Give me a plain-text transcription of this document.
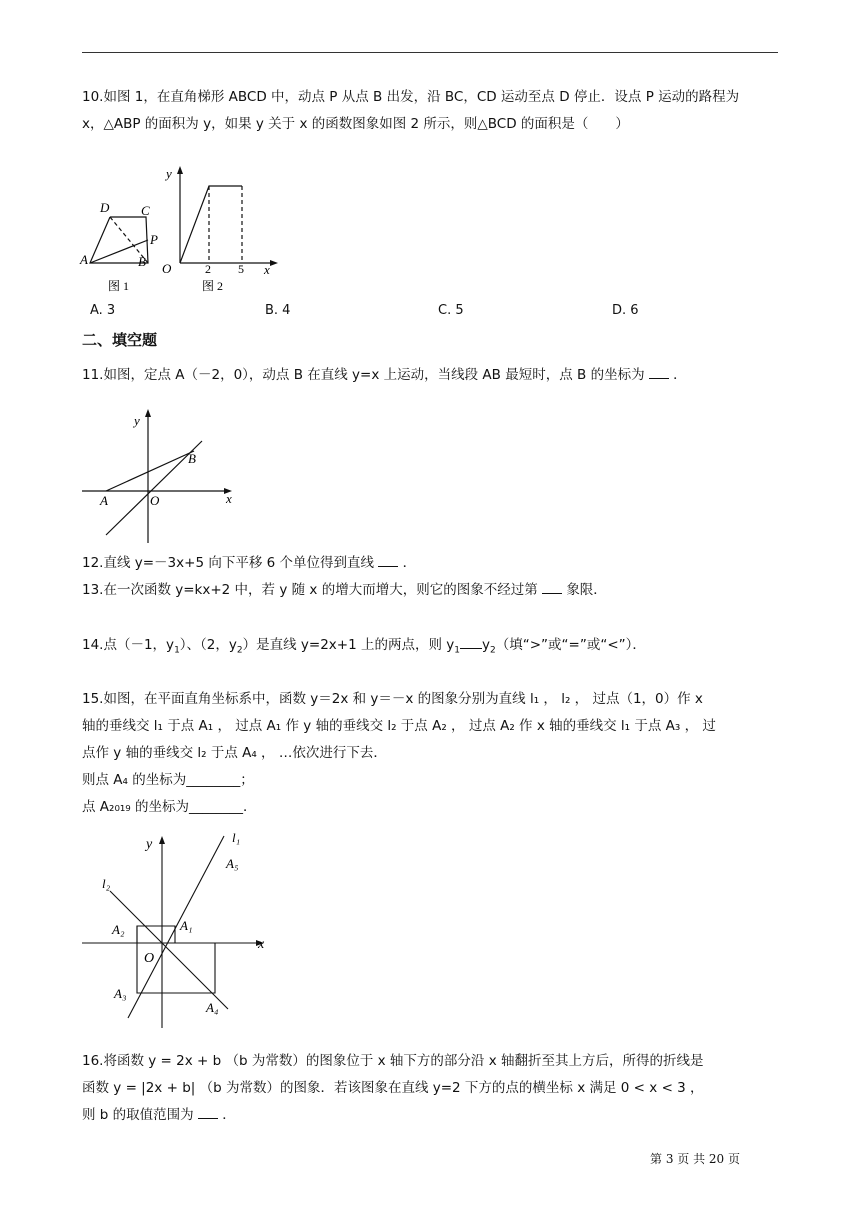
10.如图 1，在直角梯形 ABCD 中，动点 P 从点 B 出发，沿 BC，CD 运动至点 D 停止．设点 P 运动的路程为
x，△ABP 的面积为 y，如果 y 关于 x 的函数图象如图 2 所示，则△BCD 的面积是（　　）
D C
P
A	B
图 1
y
x
O	2 5
图 2
A. 3	B. 4	C. 5	D. 6
二、填空题
11.如图，定点 A（－2，0），动点 B 在直线 y=x 上运动，当线段 AB 最短时，点 B 的坐标为 ．
y
x
O
A
B
12.直线 y=－3x+5 向下平移 6 个单位得到直线 ．
13.在一次函数 y=kx+2 中，若 y 随 x 的增大而增大，则它的图象不经过第 象限．
14.点（－1，$y_1$）、（2，$y_2$）是直线 y=2x+1 上的两点，则 $y_1$ $y_2$（填“>”或“=”或“<”）．
15.如图，在平面直角坐标系中，函数 y＝2x 和 y＝－x 的图象分别为直线 l₁ ， l₂ ， 过点（1，0）作 x
轴的垂线交 l₁ 于点 A₁ ， 过点 A₁ 作 y 轴的垂线交 l₂ 于点 A₂ ， 过点 A₂ 作 x 轴的垂线交 l₁ 于点 A₃ ， 过
点作 y 轴的垂线交 l₂ 于点 A₄ ， …依次进行下去．
则点 A₄ 的坐标为________；
点 A₂₀₁₉ 的坐标为________．
y
x
O
l₁
l₂
A₁
A₂
A₃
A₄
A₅
16.将函数 y = 2x + b （b 为常数）的图象位于 x 轴下方的部分沿 x 轴翻折至其上方后，所得的折线是
函数 y = |2x + b| （b 为常数）的图象．若该图象在直线 y=2 下方的点的横坐标 x 满足 0 < x < 3 ，
则 b 的取值范围为 ．
第 3 页 共 20 页
